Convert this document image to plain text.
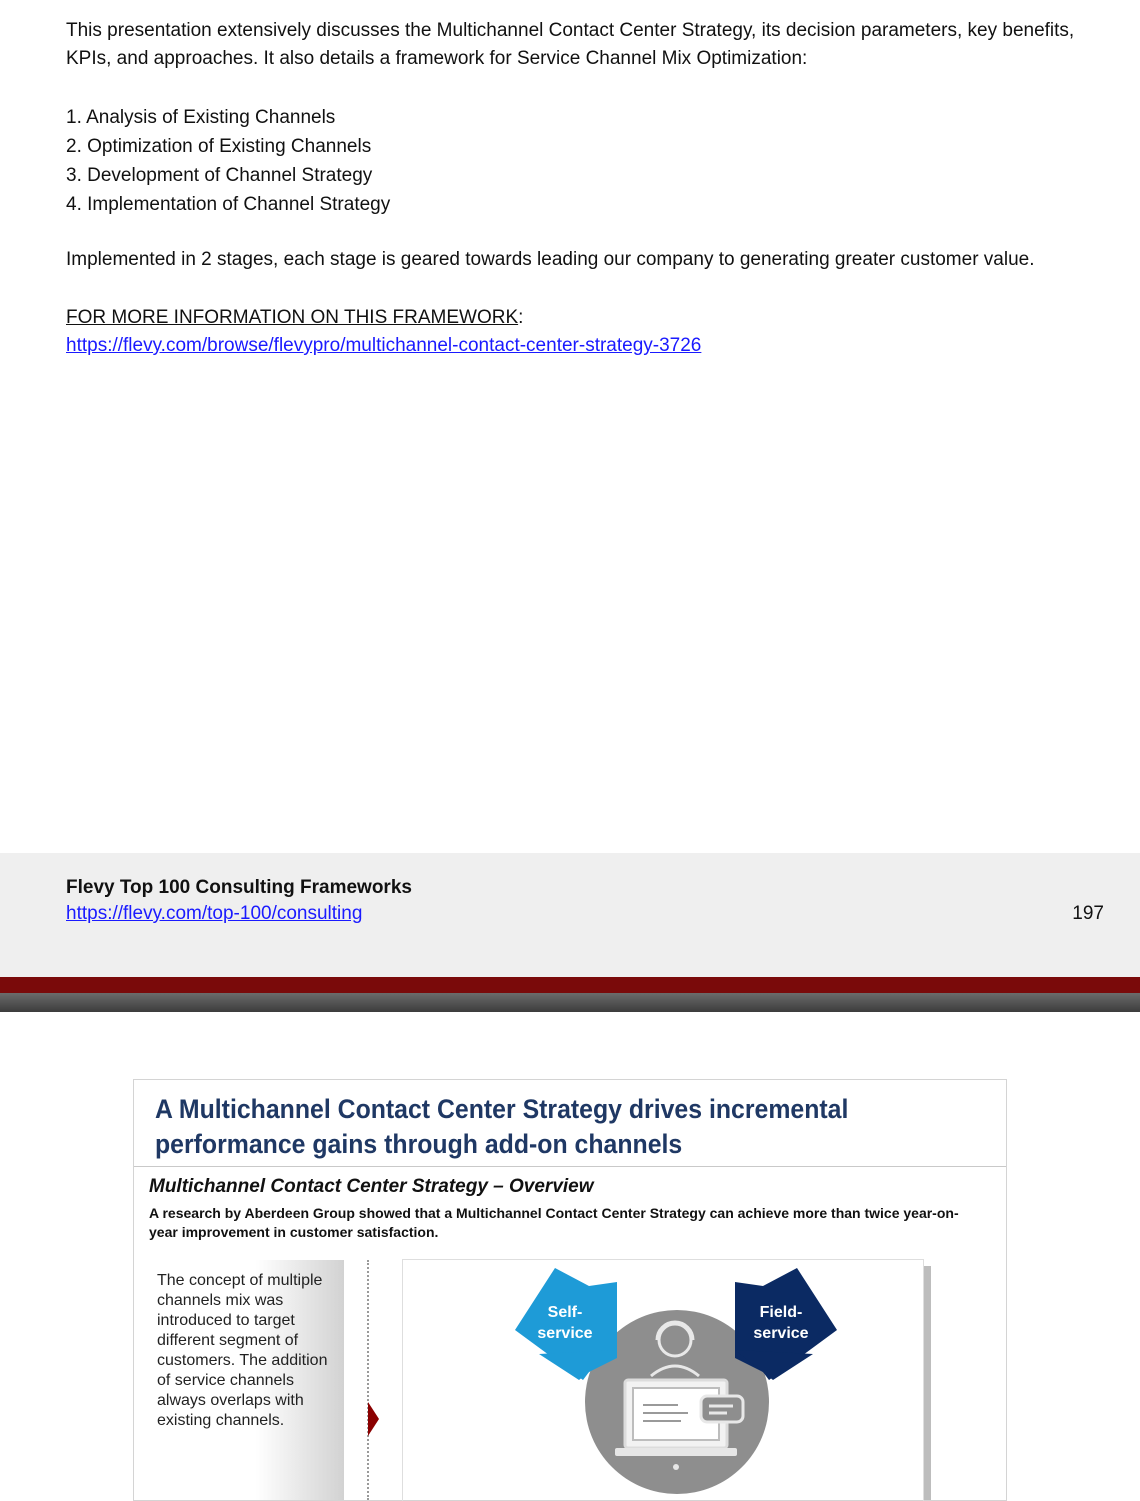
This presentation extensively discusses the Multichannel Contact Center Strategy, its decision parameters, key benefits, KPIs, and approaches. It also details a framework for Service Channel Mix Optimization:
1. Analysis of Existing Channels
2. Optimization of Existing Channels
3. Development of Channel Strategy
4. Implementation of Channel Strategy
Implemented in 2 stages, each stage is geared towards leading our company to generating greater customer value.
FOR MORE INFORMATION ON THIS FRAMEWORK:
https://flevy.com/browse/flevypro/multichannel-contact-center-strategy-3726
Flevy Top 100 Consulting Frameworks
https://flevy.com/top-100/consulting	197
A Multichannel Contact Center Strategy drives incremental performance gains through add-on channels
Multichannel Contact Center Strategy – Overview
A research by Aberdeen Group showed that a Multichannel Contact Center Strategy can achieve more than twice year-on-year improvement in customer satisfaction.
The concept of multiple channels mix was introduced to target different segment of customers. The addition of service channels always overlaps with existing channels.
Self-
service
Field-
service
